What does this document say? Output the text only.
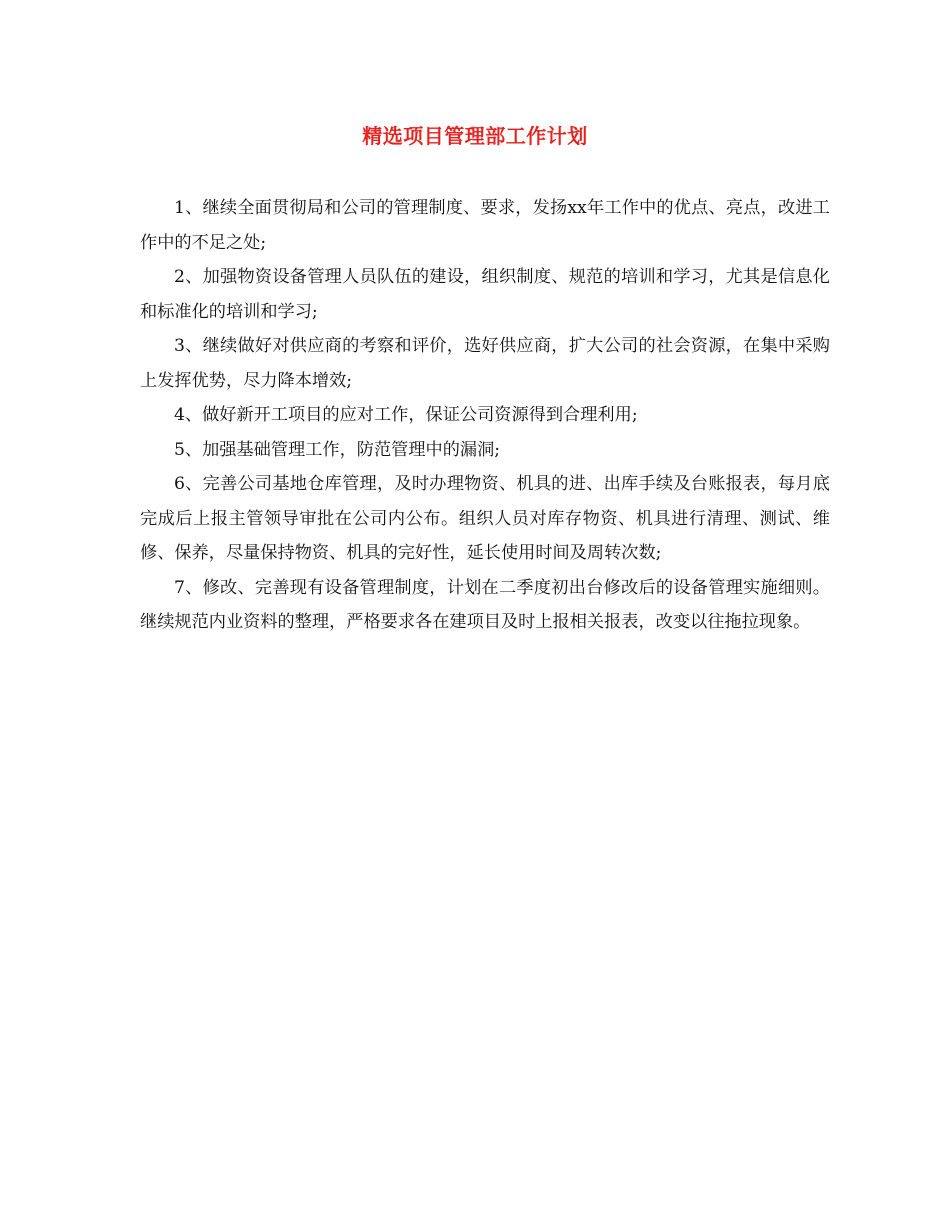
精选项目管理部工作计划

1、继续全面贯彻局和公司的管理制度、要求，发扬xx年工作中的优点、亮点，改进工作中的不足之处;

2、加强物资设备管理人员队伍的建设，组织制度、规范的培训和学习，尤其是信息化和标准化的培训和学习;

3、继续做好对供应商的考察和评价，选好供应商，扩大公司的社会资源，在集中采购上发挥优势，尽力降本增效;

4、做好新开工项目的应对工作，保证公司资源得到合理利用;

5、加强基础管理工作，防范管理中的漏洞;

6、完善公司基地仓库管理，及时办理物资、机具的进、出库手续及台账报表，每月底完成后上报主管领导审批在公司内公布。组织人员对库存物资、机具进行清理、测试、维修、保养，尽量保持物资、机具的完好性，延长使用时间及周转次数;

7、修改、完善现有设备管理制度，计划在二季度初出台修改后的设备管理实施细则。继续规范内业资料的整理，严格要求各在建项目及时上报相关报表，改变以往拖拉现象。
